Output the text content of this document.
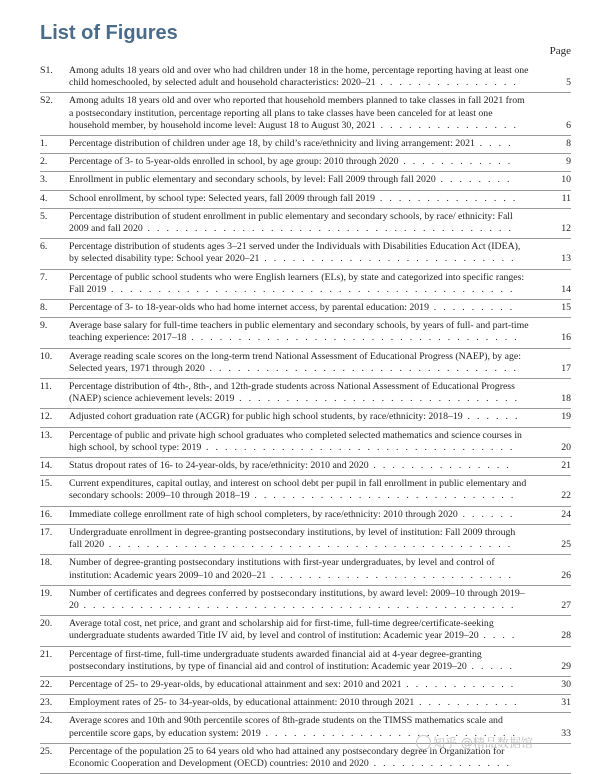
List of Figures
Page
S1.	Among adults 18 years old and over who had children under 18 in the home, percentage reporting having at least one child homeschooled, by selected adult and household characteristics: 2020–21 . . . . . . . . . . . . . . .	5
S2.	Among adults 18 years old and over who reported that household members planned to take classes in fall 2021 from a postsecondary institution, percentage reporting all plans to take classes have been canceled for at least one household member, by household income level: August 18 to August 30, 2021 . . . . . . . . . . . . . . .	6
1.	Percentage distribution of children under age 18, by child’s race/ethnicity and living arrangement: 2021 . . . .	8
2.	Percentage of 3- to 5-year-olds enrolled in school, by age group: 2010 through 2020 . . . . . . . . . . . .	9
3.	Enrollment in public elementary and secondary schools, by level: Fall 2009 through fall 2020 . . . . . . . .	10
4.	School enrollment, by school type: Selected years, fall 2009 through fall 2019 . . . . . . . . . . . . . . .	11
5.	Percentage distribution of student enrollment in public elementary and secondary schools, by race/ ethnicity: Fall 2009 and fall 2020 . . . . . . . . . . . . . . . . . . . . . . . . . . . . . . . . . . . . . . .	12
6.	Percentage distribution of students ages 3–21 served under the Individuals with Disabilities Education Act (IDEA), by selected disability type: School year 2020–21 . . . . . . . . . . . . . . . . . . . . . . . . . . .	13
7.	Percentage of public school students who were English learners (ELs), by state and categorized into specific ranges: Fall 2019 . . . . . . . . . . . . . . . . . . . . . . . . . . . . . . . . . . . . . . . . . . .	14
8.	Percentage of 3- to 18-year-olds who had home internet access, by parental education: 2019 . . . . . . . . .	15
9.	Average base salary for full-time teachers in public elementary and secondary schools, by years of full- and part-time teaching experience: 2017–18 . . . . . . . . . . . . . . . . . . . . . . . . . . . . . . . . . . .	16
10.	Average reading scale scores on the long-term trend National Assessment of Educational Progress (NAEP), by age: Selected years, 1971 through 2020 . . . . . . . . . . . . . . . . . . . . . . . . . . . . . . . . .	17
11.	Percentage distribution of 4th-, 8th-, and 12th-grade students across National Assessment of Educational Progress (NAEP) science achievement levels: 2019 . . . . . . . . . . . . . . . . . . . . . . . . . . . . . .	18
12.	Adjusted cohort graduation rate (ACGR) for public high school students, by race/ethnicity: 2018–19 . . . . . .	19
13.	Percentage of public and private high school graduates who completed selected mathematics and science courses in high school, by school type: 2019 . . . . . . . . . . . . . . . . . . . . . . . . . . . . . . . . .	20
14.	Status dropout rates of 16- to 24-year-olds, by race/ethnicity: 2010 and 2020 . . . . . . . . . . . . . . .	21
15.	Current expenditures, capital outlay, and interest on school debt per pupil in fall enrollment in public elementary and secondary schools: 2009–10 through 2018–19 . . . . . . . . . . . . . . . . . . . . . . . . . . . .	22
16.	Immediate college enrollment rate of high school completers, by race/ethnicity: 2010 through 2020 . . . . . .	24
17.	Undergraduate enrollment in degree-granting postsecondary institutions, by level of institution: Fall 2009 through fall 2020 . . . . . . . . . . . . . . . . . . . . . . . . . . . . . . . . . . . . . . . . . . .	25
18.	Number of degree-granting postsecondary institutions with first-year undergraduates, by level and control of institution: Academic years 2009–10 and 2020–21 . . . . . . . . . . . . . . . . . . . . . . . . . .	26
19.	Number of certificates and degrees conferred by postsecondary institutions, by award level: 2009–10 through 2019–20 . . . . . . . . . . . . . . . . . . . . . . . . . . . . . . . . . . . . . . . . . . . . . .	27
20.	Average total cost, net price, and grant and scholarship aid for first-time, full-time degree/certificate-seeking undergraduate students awarded Title IV aid, by level and control of institution: Academic year 2019–20 . . . .	28
21.	Percentage of first-time, full-time undergraduate students awarded financial aid at 4-year degree-granting postsecondary institutions, by type of financial aid and control of institution: Academic year 2019–20 . . . . .	29
22.	Percentage of 25- to 29-year-olds, by educational attainment and sex: 2010 and 2021 . . . . . . . . . . . .	30
23.	Employment rates of 25- to 34-year-olds, by educational attainment: 2010 through 2021 . . . . . . . . . . .	31
24.	Average scores and 10th and 90th percentile scores of 8th-grade students on the TIMSS mathematics scale and percentile score gaps, by education system: 2019 . . . . . . . . . . . . . . . . . . . . . . . . . . .	33
25.	Percentage of the population 25 to 64 years old who had attained any postsecondary degree in Organization for Economic Cooperation and Development (OECD) countries: 2010 and 2020 . . . . . . . . . . . . . . .
知乎 @精品数据馆
